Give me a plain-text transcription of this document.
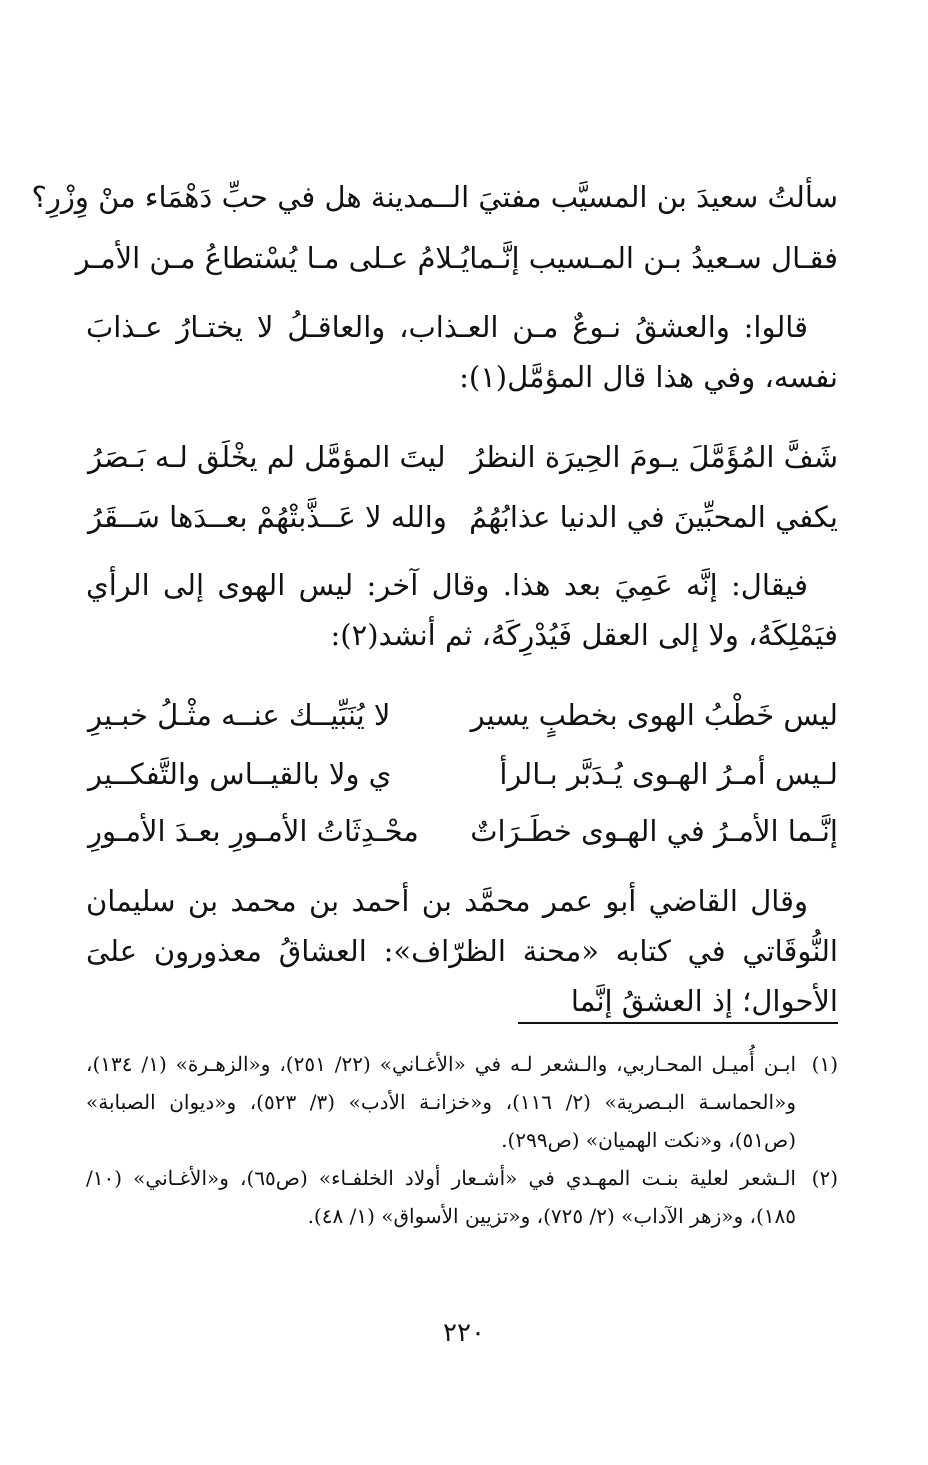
سألتُ سعيدَ بن المسيَّب مفتيَ الـ
ـمدينة هل في حبِّ دَهْمَاء منْ وِزْرِ؟
فقـال سـعيدُ بـن المـسيب إنَّـما
يُـلامُ عـلى مـا يُسْتطاعُ مـن الأمـر
قالوا: والعشقُ نـوعٌ مـن العـذاب، والعاقـلُ لا يختـارُ عـذابَ نفسه، وفي هذا قال المؤمَّل(١):
شَفَّ المُؤَمَّلَ يـومَ الحِيرَة النظرُ
ليتَ المؤمَّل لم يخْلَق لـه بَـصَرُ
يكفي المحبِّينَ في الدنيا عذابُهُمُ
والله لا عَــذَّبتْهُمْ بعــدَها سَــقَرُ
فيقال: إنَّه عَمِيَ بعد هذا. وقال آخر: ليس الهوى إلى الرأي فيَمْلِكَهُ، ولا إلى العقل فَيُدْرِكَهُ، ثم أنشد(٢):
ليس خَطْبُ الهوى بخطبٍ يسير
لا يُنَبِّيــك عنــه مثْـلُ خبـيرِ
لـيس أمـرُ الهـوى يُـدَبَّر بـالرأ
ي ولا بالقيــاس والتَّفكــير
إنَّـما الأمـرُ في الهـوى خطَـرَاتٌ
محْـدِثَاتُ الأمـورِ بعـدَ الأمـورِ
وقال القاضي أبو عمر محمَّد بن أحمد بن محمد بن سليمان النُّوقَاتي في كتابه «محنة الظرّاف»: العشاقُ معذورون علىَ الأحوال؛ إذ العشقُ إنَّما
(١)
ابـن أُميـل المحـاربي، والـشعر لـه في «الأغـاني» (٢٢/ ٢٥١)، و«الزهـرة» (١/ ١٣٤)، و«الحماسـة البـصرية» (٢/ ١١٦)، و«خزانـة الأدب» (٣/ ٥٢٣)، و«ديوان الصبابة» (ص٥١)، و«نكت الهميان» (ص٢٩٩).
(٢)
الـشعر لعلية بنـت المهـدي في «أشـعار أولاد الخلفـاء» (ص٦٥)، و«الأغـاني» (١٠/ ١٨٥)، و«زهر الآداب» (٢/ ٧٢٥)، و«تزيين الأسواق» (١/ ٤٨).
٢٢٠
